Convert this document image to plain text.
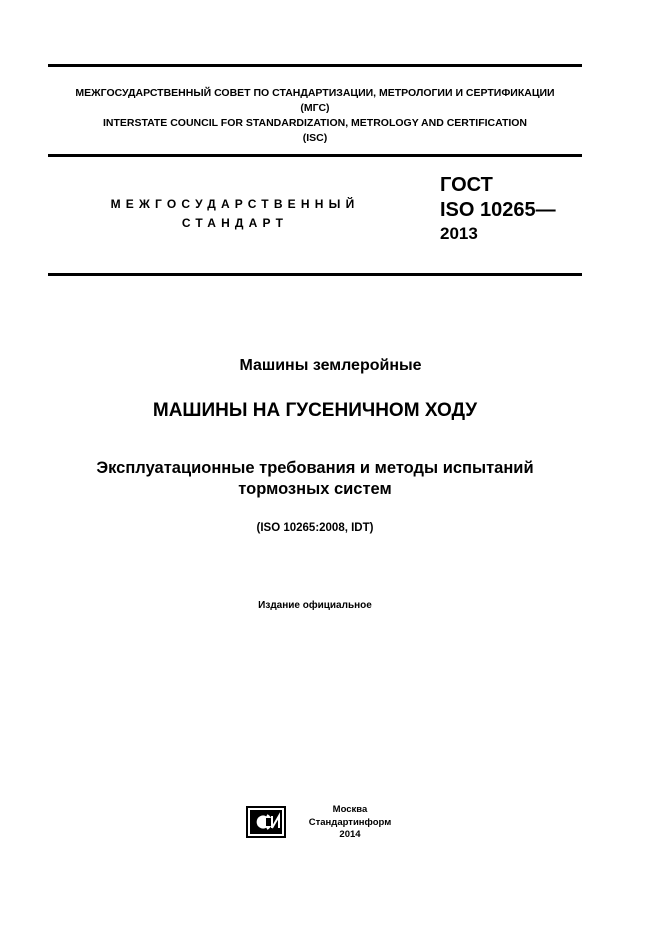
МЕЖГОСУДАРСТВЕННЫЙ СОВЕТ ПО СТАНДАРТИЗАЦИИ, МЕТРОЛОГИИ И СЕРТИФИКАЦИИ
(МГС)
INTERSTATE COUNCIL FOR STANDARDIZATION, METROLOGY AND CERTIFICATION
(ISC)
МЕЖГОСУДАРСТВЕННЫЙ
СТАНДАРТ
ГОСТ
ISO 10265—
2013
Машины землеройные
МАШИНЫ НА ГУСЕНИЧНОМ ХОДУ
Эксплуатационные требования и методы испытаний
тормозных систем
(ISO 10265:2008, IDT)
Издание официальное
Москва
Стандартинформ
2014
